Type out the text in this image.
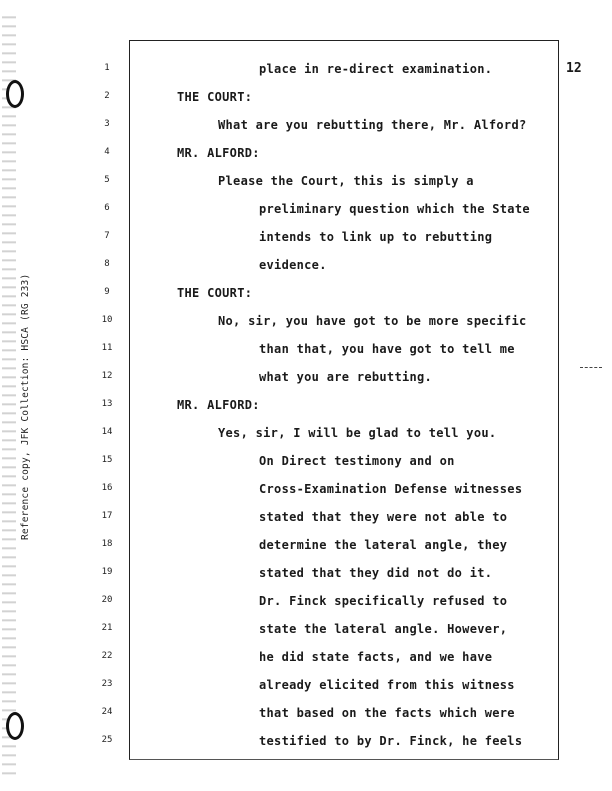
Reference copy, JFK Collection: HSCA (RG 233)
12
1	place in re-direct examination.
2	THE COURT:
3	What are you rebutting there, Mr. Alford?
4	MR. ALFORD:
5	Please the Court, this is simply a
6	preliminary question which the State
7	intends to link up to rebutting
8	evidence.
9	THE COURT:
10	No, sir, you have got to be more specific
11	than that, you have got to tell me
12	what you are rebutting.
13	MR. ALFORD:
14	Yes, sir, I will be glad to tell you.
15	On Direct testimony and on
16	Cross-Examination Defense witnesses
17	stated that they were not able to
18	determine the lateral angle, they
19	stated that they did not do it.
20	Dr. Finck specifically refused to
21	state the lateral angle. However,
22	he did state facts, and we have
23	already elicited from this witness
24	that based on the facts which were
25	testified to by Dr. Finck, he feels
